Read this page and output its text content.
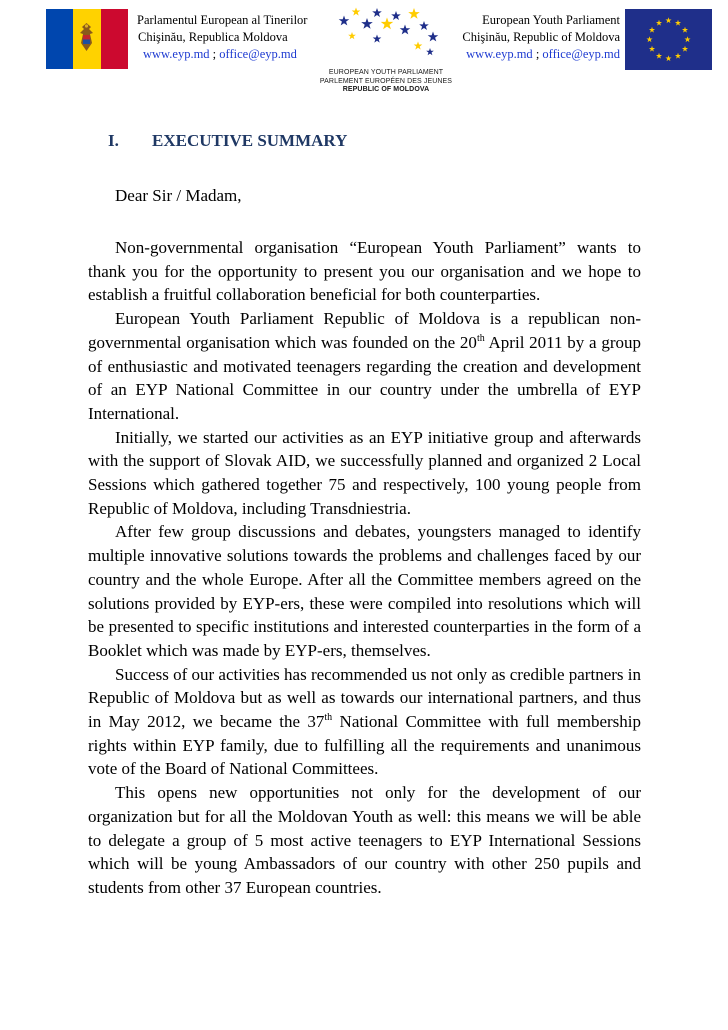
Parlamentul European al Tinerilor
Chişinău, Republica Moldova
www.eyp.md ; office@eyp.md
EUROPEAN YOUTH PARLIAMENT
PARLEMENT EUROPÉEN DES JEUNES
REPUBLIC OF MOLDOVA
European Youth Parliament
Chişinău, Republic of Moldova
www.eyp.md ; office@eyp.md
I. EXECUTIVE SUMMARY
Dear Sir / Madam,

Non-governmental organisation “European Youth Parliament” wants to thank you for the opportunity to present you our organisation and we hope to establish a fruitful collaboration beneficial for both counterparties.

European Youth Parliament Republic of Moldova is a republican non-governmental organisation which was founded on the 20th April 2011 by a group of enthusiastic and motivated teenagers regarding the creation and development of an EYP National Committee in our country under the umbrella of EYP International.

Initially, we started our activities as an EYP initiative group and afterwards with the support of Slovak AID, we successfully planned and organized 2 Local Sessions which gathered together 75 and respectively, 100 young people from Republic of Moldova, including Transdniestria.

After few group discussions and debates, youngsters managed to identify multiple innovative solutions towards the problems and challenges faced by our country and the whole Europe. After all the Committee members agreed on the solutions provided by EYP-ers, these were compiled into resolutions which will be presented to specific institutions and interested counterparties in the form of a Booklet which was made by EYP-ers, themselves.

Success of our activities has recommended us not only as credible partners in Republic of Moldova but as well as towards our international partners, and thus in May 2012, we became the 37th National Committee with full membership rights within EYP family, due to fulfilling all the requirements and unanimous vote of the Board of National Committees.

This opens new opportunities not only for the development of our organization but for all the Moldovan Youth as well: this means we will be able to delegate a group of 5 most active teenagers to EYP International Sessions which will be young Ambassadors of our country with other 250 pupils and students from other 37 European countries.
